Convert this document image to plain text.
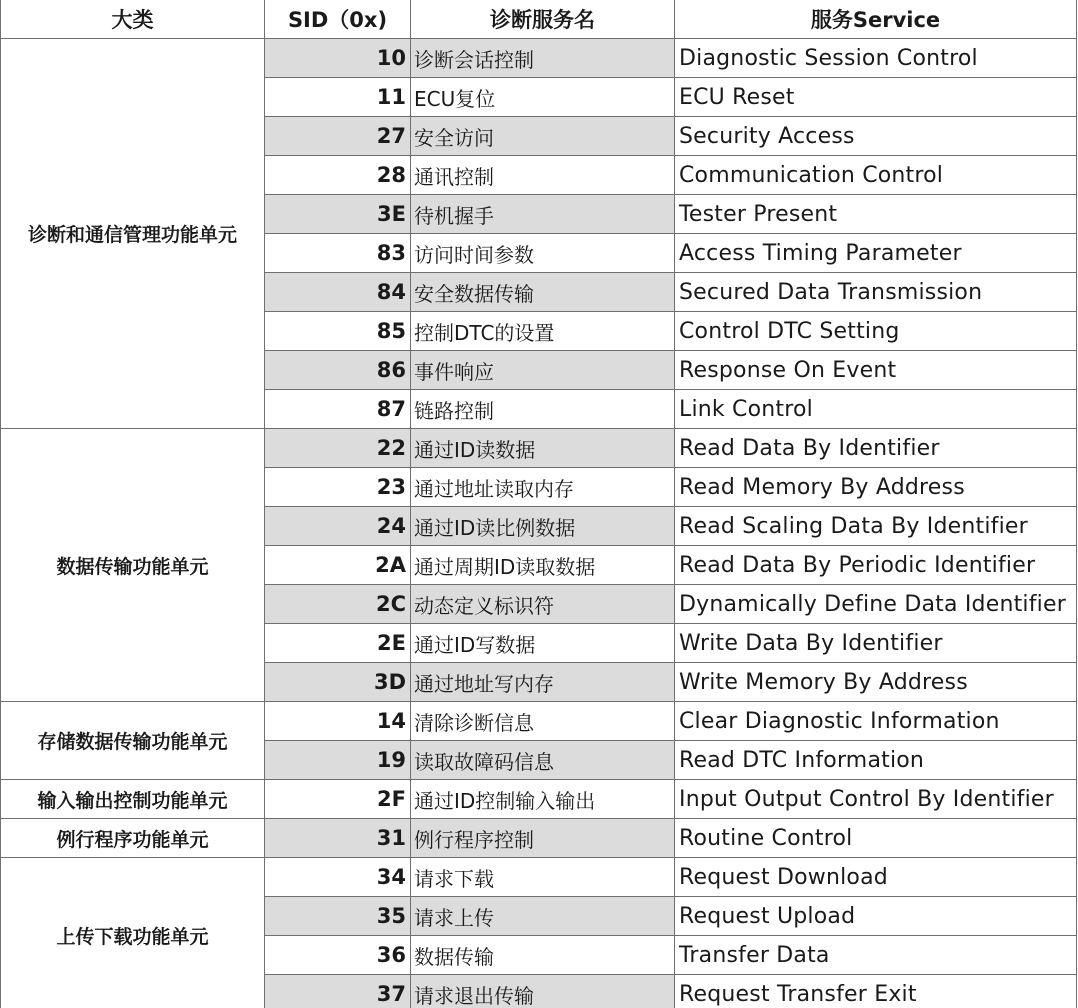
大类	SID（0x)	诊断服务名	服务Service
诊断和通信管理功能单元	10	诊断会话控制	Diagnostic Session Control
	11	ECU复位	ECU Reset
	27	安全访问	Security Access
	28	通讯控制	Communication Control
	3E	待机握手	Tester Present
	83	访问时间参数	Access Timing Parameter
	84	安全数据传输	Secured Data Transmission
	85	控制DTC的设置	Control DTC Setting
	86	事件响应	Response On Event
	87	链路控制	Link Control
数据传输功能单元	22	通过ID读数据	Read Data By Identifier
	23	通过地址读取内存	Read Memory By Address
	24	通过ID读比例数据	Read Scaling Data By Identifier
	2A	通过周期ID读取数据	Read Data By Periodic Identifier
	2C	动态定义标识符	Dynamically Define Data Identifier
	2E	通过ID写数据	Write Data By Identifier
	3D	通过地址写内存	Write Memory By Address
存储数据传输功能单元	14	清除诊断信息	Clear Diagnostic Information
	19	读取故障码信息	Read DTC Information
输入输出控制功能单元	2F	通过ID控制输入输出	Input Output Control By Identifier
例行程序功能单元	31	例行程序控制	Routine Control
上传下载功能单元	34	请求下载	Request Download
	35	请求上传	Request Upload
	36	数据传输	Transfer Data
	37	请求退出传输	Request Transfer Exit
